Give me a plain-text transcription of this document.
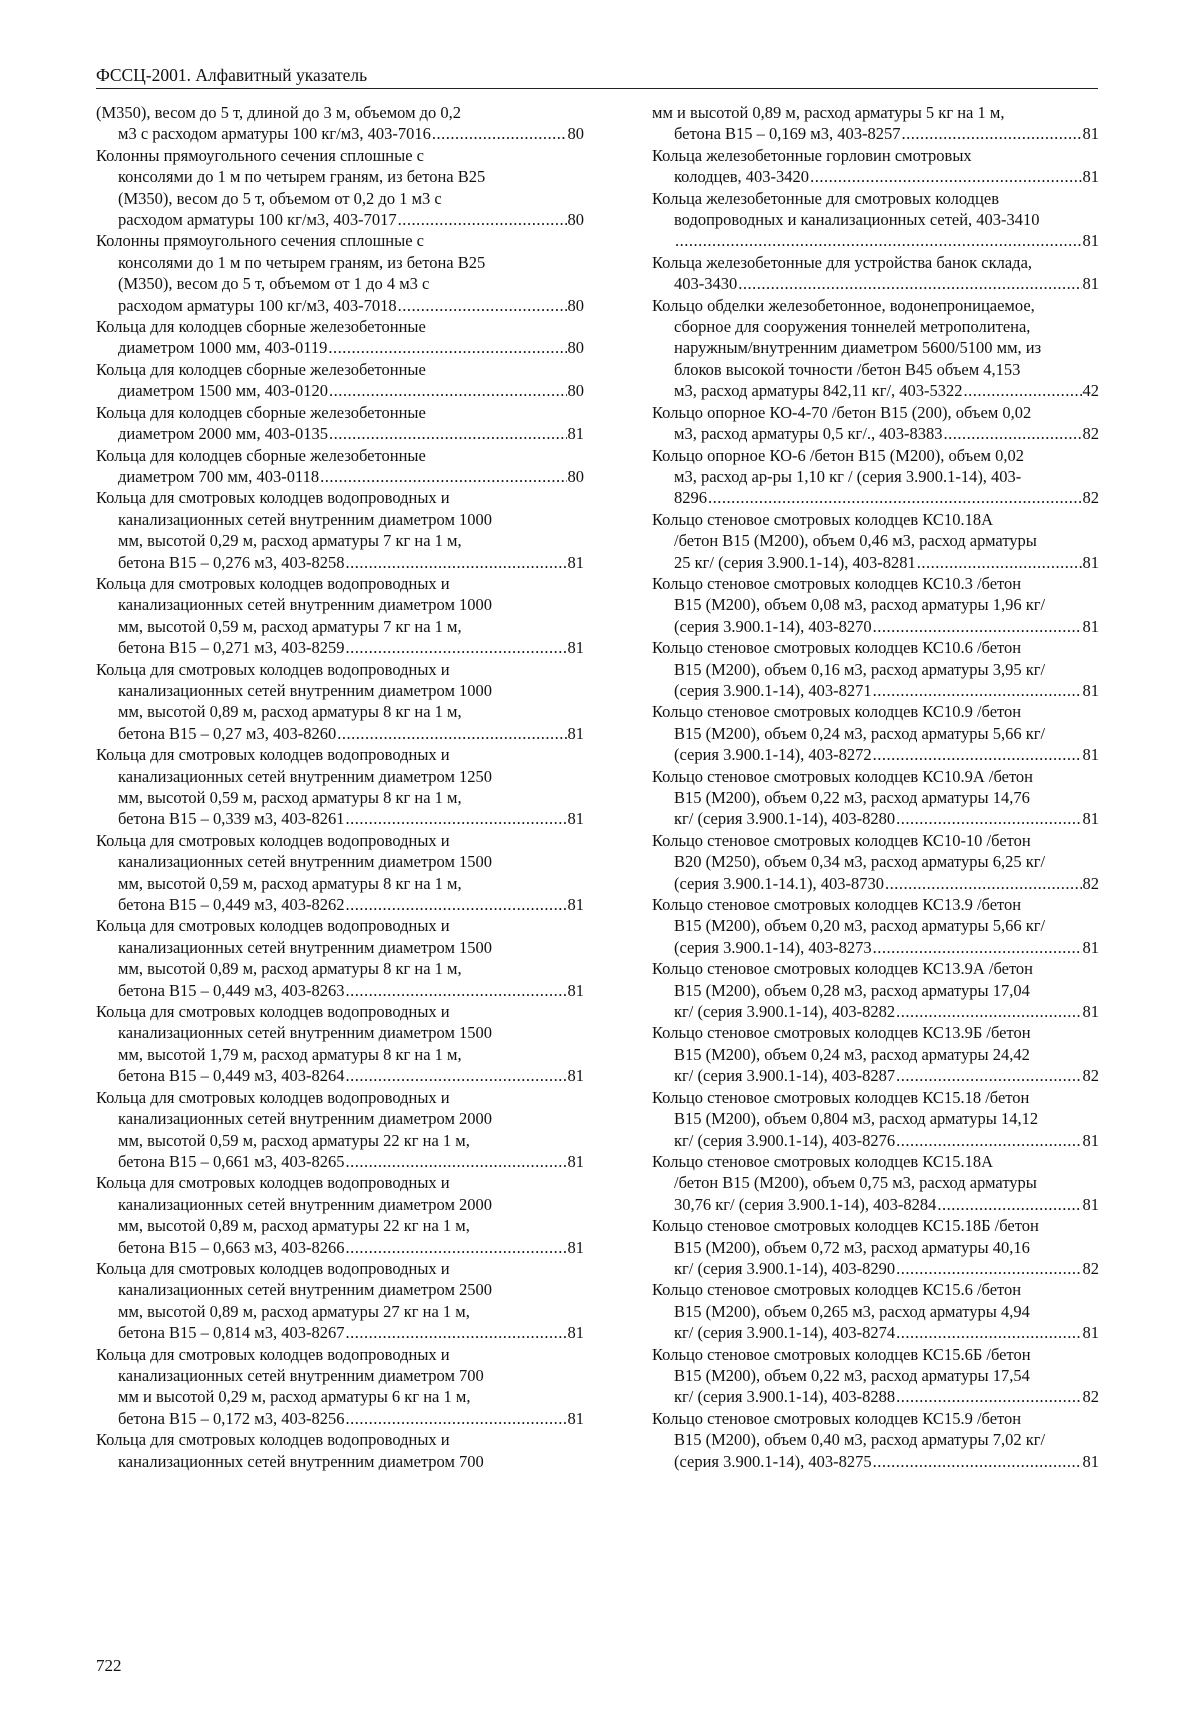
ФССЦ-2001. Алфавитный указатель
(М350), весом до 5 т, длиной до 3 м, объемом до 0,2
м3 с расходом арматуры 100 кг/м3, 403-7016 .....	80
Колонны прямоугольного сечения сплошные с
консолями до 1 м по четырем граням, из бетона В25
(М350), весом до 5 т, объемом от 0,2 до 1 м3 с
расходом арматуры 100 кг/м3, 403-7017 .....	80
Колонны прямоугольного сечения сплошные с
консолями до 1 м по четырем граням, из бетона В25
(М350), весом до 5 т, объемом от 1 до 4 м3 с
расходом арматуры 100 кг/м3, 403-7018 .....	80
Кольца для колодцев сборные железобетонные
диаметром 1000 мм, 403-0119 .....	80
Кольца для колодцев сборные железобетонные
диаметром 1500 мм, 403-0120 .....	80
Кольца для колодцев сборные железобетонные
диаметром 2000 мм, 403-0135 .....	81
Кольца для колодцев сборные железобетонные
диаметром 700 мм, 403-0118 .....	80
Кольца для смотровых колодцев водопроводных и
канализационных сетей внутренним диаметром 1000
мм, высотой 0,29 м, расход арматуры 7 кг на 1 м,
бетона В15 – 0,276 м3, 403-8258 .....	81
Кольца для смотровых колодцев водопроводных и
канализационных сетей внутренним диаметром 1000
мм, высотой 0,59 м, расход арматуры 7 кг на 1 м,
бетона В15 – 0,271 м3, 403-8259 .....	81
Кольца для смотровых колодцев водопроводных и
канализационных сетей внутренним диаметром 1000
мм, высотой 0,89 м, расход арматуры 8 кг на 1 м,
бетона В15 – 0,27 м3, 403-8260 .....	81
Кольца для смотровых колодцев водопроводных и
канализационных сетей внутренним диаметром 1250
мм, высотой 0,59 м, расход арматуры 8 кг на 1 м,
бетона В15 – 0,339 м3, 403-8261 .....	81
Кольца для смотровых колодцев водопроводных и
канализационных сетей внутренним диаметром 1500
мм, высотой 0,59 м, расход арматуры 8 кг на 1 м,
бетона В15 – 0,449 м3, 403-8262 .....	81
Кольца для смотровых колодцев водопроводных и
канализационных сетей внутренним диаметром 1500
мм, высотой 0,89 м, расход арматуры 8 кг на 1 м,
бетона В15 – 0,449 м3, 403-8263 .....	81
Кольца для смотровых колодцев водопроводных и
канализационных сетей внутренним диаметром 1500
мм, высотой 1,79 м, расход арматуры 8 кг на 1 м,
бетона В15 – 0,449 м3, 403-8264 .....	81
Кольца для смотровых колодцев водопроводных и
канализационных сетей внутренним диаметром 2000
мм, высотой 0,59 м, расход арматуры 22 кг на 1 м,
бетона В15 – 0,661 м3, 403-8265 .....	81
Кольца для смотровых колодцев водопроводных и
канализационных сетей внутренним диаметром 2000
мм, высотой 0,89 м, расход арматуры 22 кг на 1 м,
бетона В15 – 0,663 м3, 403-8266 .....	81
Кольца для смотровых колодцев водопроводных и
канализационных сетей внутренним диаметром 2500
мм, высотой 0,89 м, расход арматуры 27 кг на 1 м,
бетона В15 – 0,814 м3, 403-8267 .....	81
Кольца для смотровых колодцев водопроводных и
канализационных сетей внутренним диаметром 700
мм и высотой 0,29 м, расход арматуры 6 кг на 1 м,
бетона В15 – 0,172 м3, 403-8256 .....	81
Кольца для смотровых колодцев водопроводных и
канализационных сетей внутренним диаметром 700
мм и высотой 0,89 м, расход арматуры 5 кг на 1 м,
бетона В15 – 0,169 м3, 403-8257 .....	81
Кольца железобетонные горловин смотровых
колодцев, 403-3420 .....	81
Кольца железобетонные для смотровых колодцев
водопроводных и канализационных сетей, 403-3410
.....
81
Кольца железобетонные для устройства банок склада,
403-3430 .....	81
Кольцо обделки железобетонное, водонепроницаемое,
сборное для сооружения тоннелей метрополитена,
наружным/внутренним диаметром 5600/5100 мм, из
блоков высокой точности /бетон В45 объем 4,153
м3, расход арматуры 842,11 кг/, 403-5322 .....	42
Кольцо опорное КО-4-70 /бетон В15 (200), объем 0,02
м3, расход арматуры 0,5 кг/., 403-8383 .....	82
Кольцо опорное КО-6 /бетон В15 (М200), объем 0,02
м3, расход ар-ры 1,10 кг / (серия 3.900.1-14), 403-
8296 .....	82
Кольцо стеновое смотровых колодцев КС10.18А
/бетон В15 (М200), объем 0,46 м3, расход арматуры
25 кг/ (серия 3.900.1-14), 403-8281 .....	81
Кольцо стеновое смотровых колодцев КС10.3 /бетон
В15 (М200), объем 0,08 м3, расход арматуры 1,96 кг/
(серия 3.900.1-14), 403-8270 .....	81
Кольцо стеновое смотровых колодцев КС10.6 /бетон
В15 (М200), объем 0,16 м3, расход арматуры 3,95 кг/
(серия 3.900.1-14), 403-8271 .....	81
Кольцо стеновое смотровых колодцев КС10.9 /бетон
В15 (М200), объем 0,24 м3, расход арматуры 5,66 кг/
(серия 3.900.1-14), 403-8272 .....	81
Кольцо стеновое смотровых колодцев КС10.9А /бетон
В15 (М200), объем 0,22 м3, расход арматуры 14,76
кг/ (серия 3.900.1-14), 403-8280 .....	81
Кольцо стеновое смотровых колодцев КС10-10 /бетон
В20 (М250), объем 0,34 м3, расход арматуры 6,25 кг/
(серия 3.900.1-14.1), 403-8730 .....	82
Кольцо стеновое смотровых колодцев КС13.9 /бетон
В15 (М200), объем 0,20 м3, расход арматуры 5,66 кг/
(серия 3.900.1-14), 403-8273 .....	81
Кольцо стеновое смотровых колодцев КС13.9А /бетон
В15 (М200), объем 0,28 м3, расход арматуры 17,04
кг/ (серия 3.900.1-14), 403-8282 .....	81
Кольцо стеновое смотровых колодцев КС13.9Б /бетон
В15 (М200), объем 0,24 м3, расход арматуры 24,42
кг/ (серия 3.900.1-14), 403-8287 .....	82
Кольцо стеновое смотровых колодцев КС15.18 /бетон
В15 (М200), объем 0,804 м3, расход арматуры 14,12
кг/ (серия 3.900.1-14), 403-8276 .....	81
Кольцо стеновое смотровых колодцев КС15.18А
/бетон В15 (М200), объем 0,75 м3, расход арматуры
30,76 кг/ (серия 3.900.1-14), 403-8284 .....	81
Кольцо стеновое смотровых колодцев КС15.18Б /бетон
В15 (М200), объем 0,72 м3, расход арматуры 40,16
кг/ (серия 3.900.1-14), 403-8290 .....	82
Кольцо стеновое смотровых колодцев КС15.6 /бетон
В15 (М200), объем 0,265 м3, расход арматуры 4,94
кг/ (серия 3.900.1-14), 403-8274 .....	81
Кольцо стеновое смотровых колодцев КС15.6Б /бетон
В15 (М200), объем 0,22 м3, расход арматуры 17,54
кг/ (серия 3.900.1-14), 403-8288 .....	82
Кольцо стеновое смотровых колодцев КС15.9 /бетон
В15 (М200), объем 0,40 м3, расход арматуры 7,02 кг/
(серия 3.900.1-14), 403-8275 .....	81
722
